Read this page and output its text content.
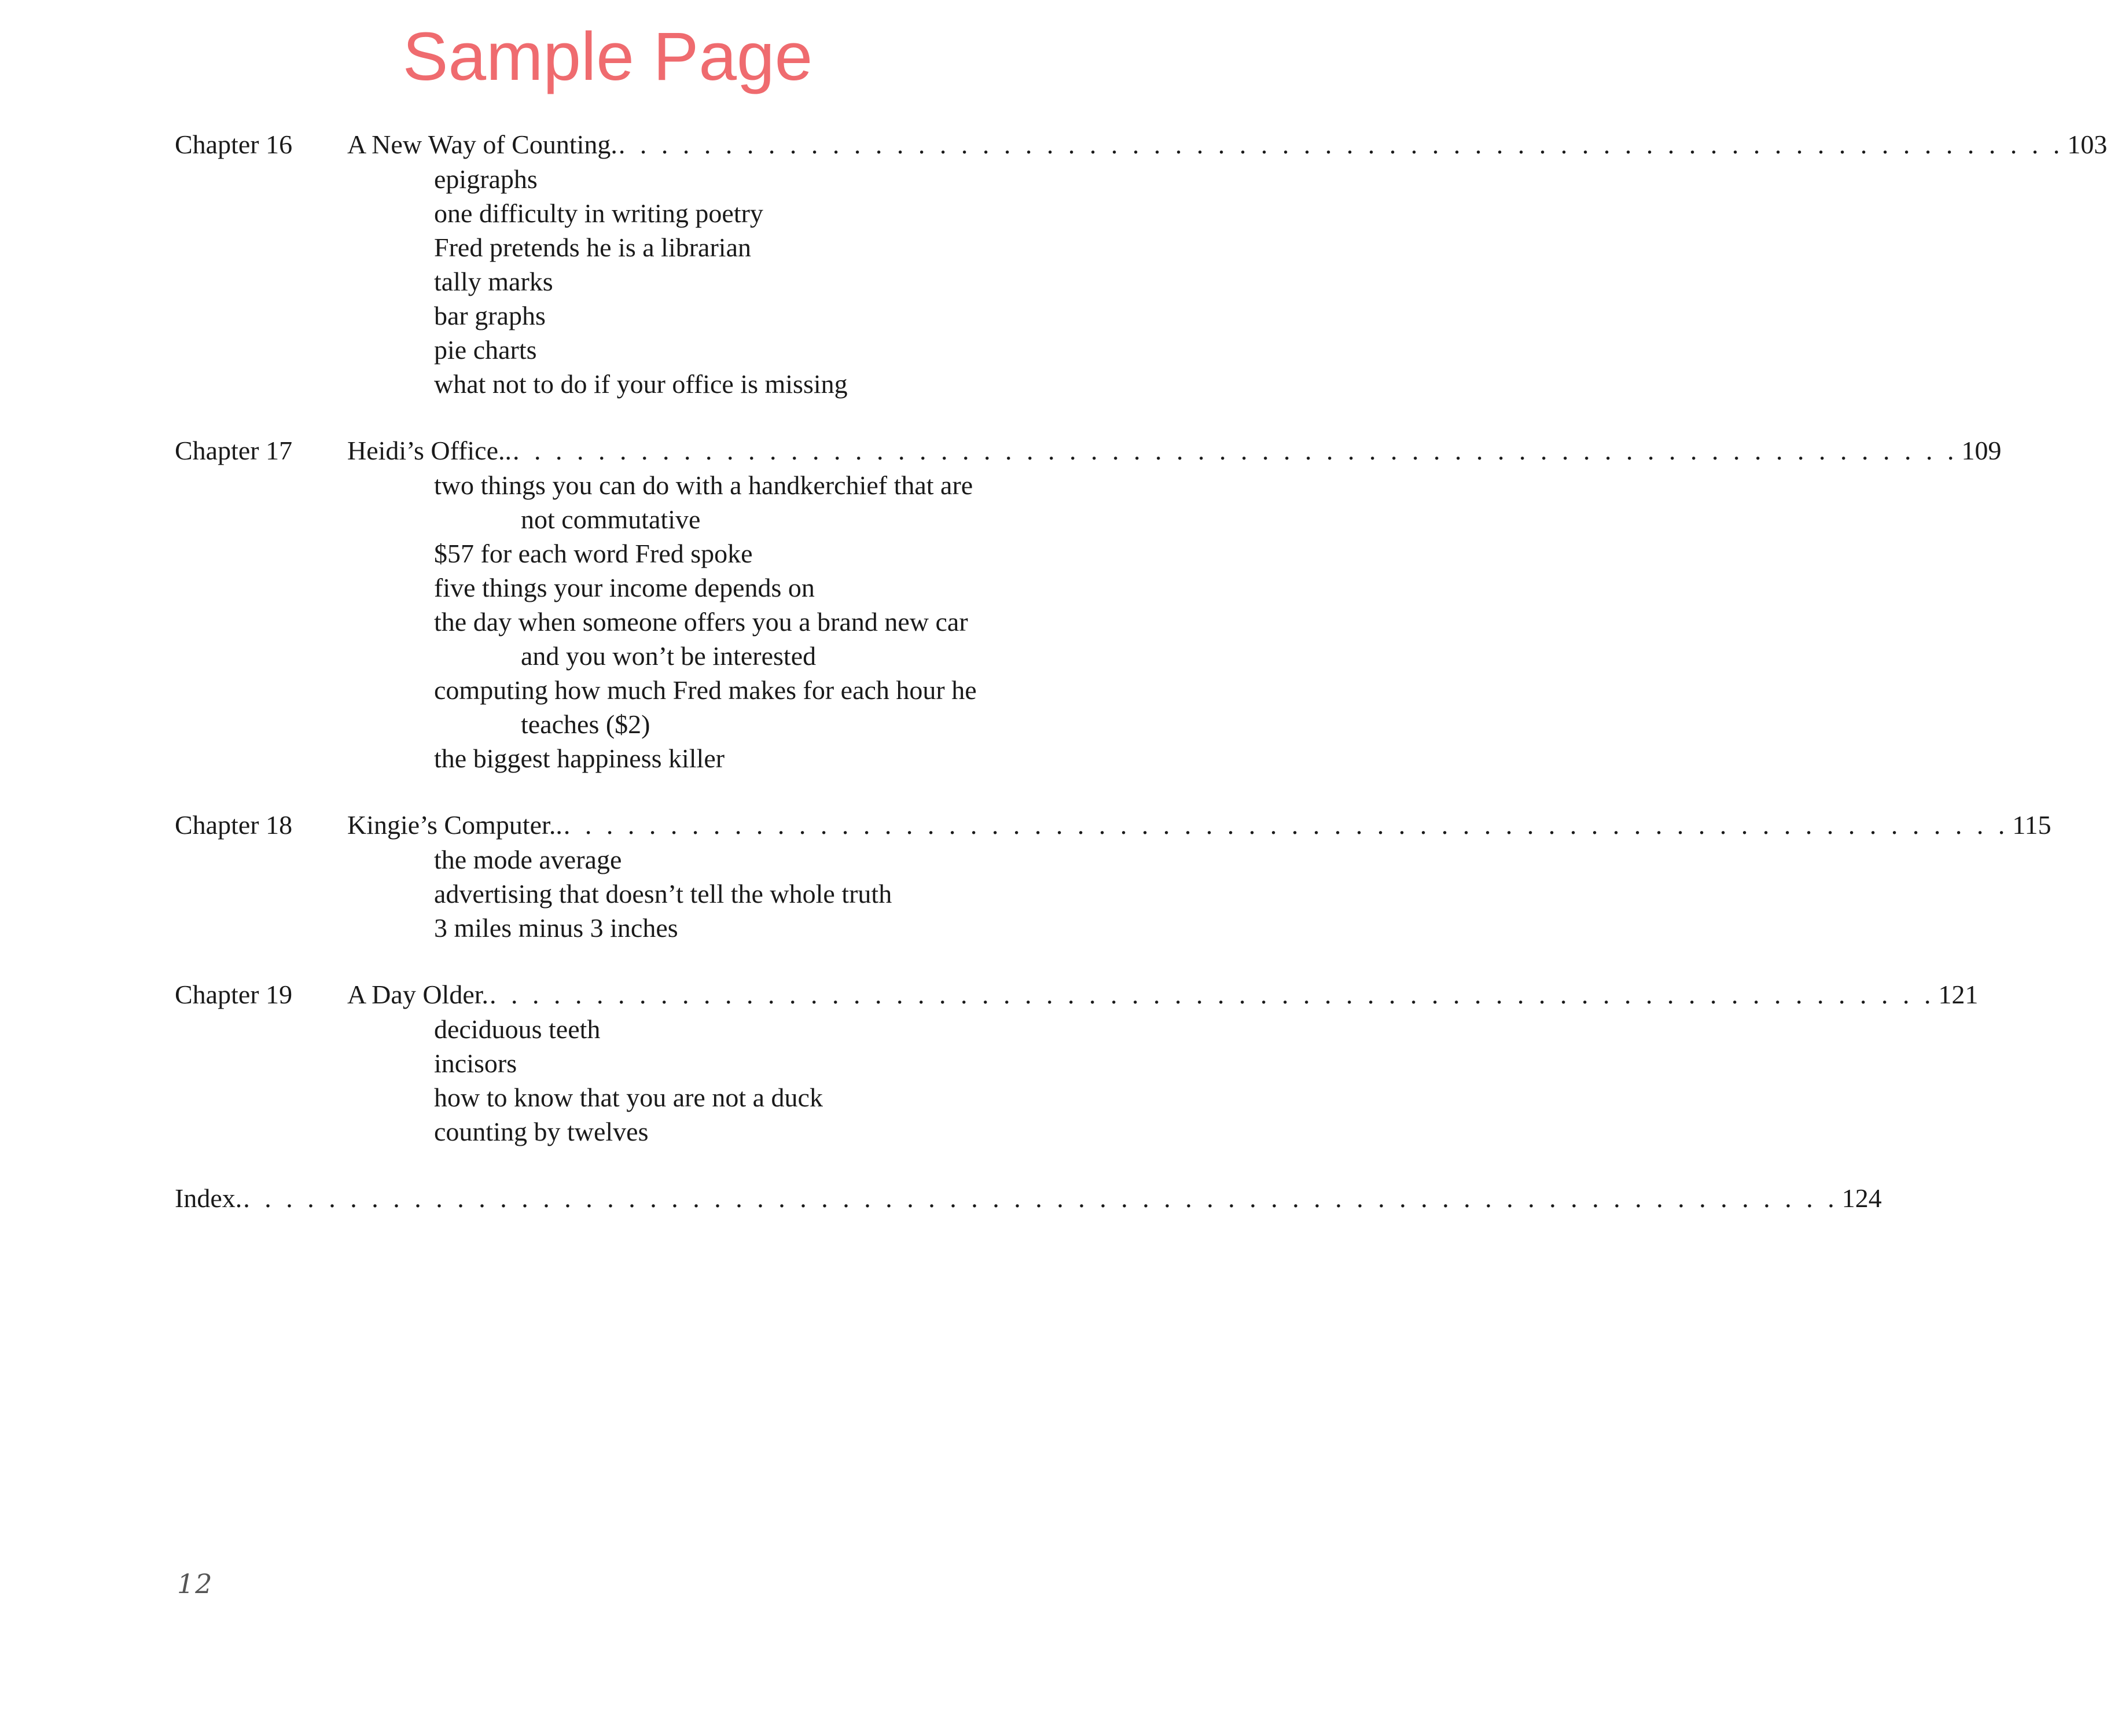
Sample Page
Chapter 16 A New Way of Counting. . . . . . . . . . . . . . . . . . . . . . . . . . . . . . . . . . . . . . . . . . . . . . . . . . . . . . . . . . . . . . . . . . . . . 103
epigraphs
one difficulty in writing poetry
Fred pretends he is a librarian
tally marks
bar graphs
pie charts
what not to do if your office is missing
Chapter 17 Heidi’s Office.. . . . . . . . . . . . . . . . . . . . . . . . . . . . . . . . . . . . . . . . . . . . . . . . . . . . . . . . . . . . . . . . . . . . . 109
two things you can do with a handkerchief that are
not commutative
$57 for each word Fred spoke
five things your income depends on
the day when someone offers you a brand new car
and you won’t be interested
computing how much Fred makes for each hour he
teaches ($2)
the biggest happiness killer
Chapter 18 Kingie’s Computer.. . . . . . . . . . . . . . . . . . . . . . . . . . . . . . . . . . . . . . . . . . . . . . . . . . . . . . . . . . . . . . . . . . . . . 115
the mode average
advertising that doesn’t tell the whole truth
3 miles minus 3 inches
Chapter 19 A Day Older. . . . . . . . . . . . . . . . . . . . . . . . . . . . . . . . . . . . . . . . . . . . . . . . . . . . . . . . . . . . . . . . . . . . . 121
deciduous teeth
incisors
how to know that you are not a duck
counting by twelves
Index. . . . . . . . . . . . . . . . . . . . . . . . . . . . . . . . . . . . . . . . . . . . . . . . . . . . . . . . . . . . . . . . . . . . . . . . . . . . 124
12
